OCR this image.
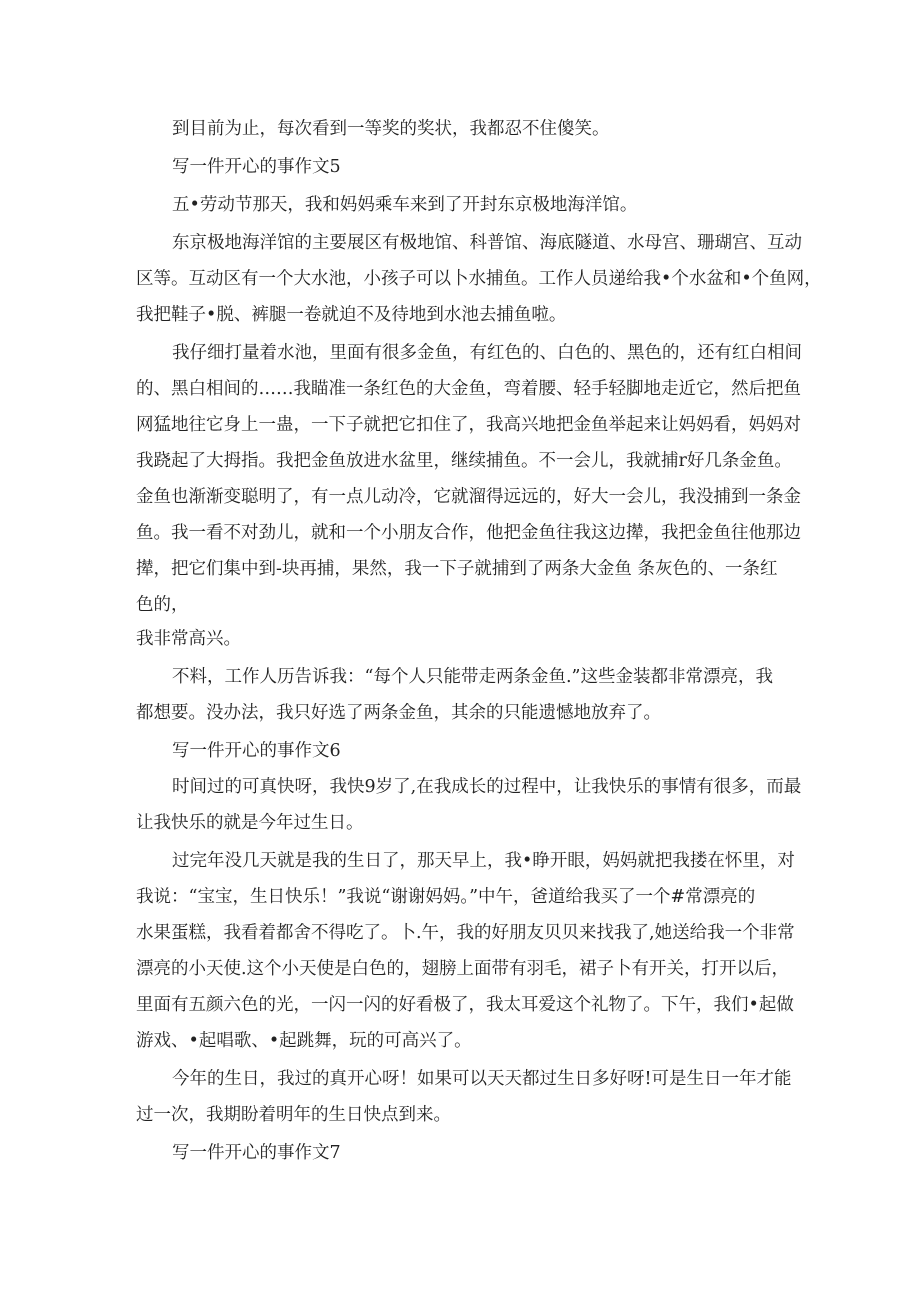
到目前为止，每次看到一等奖的奖状，我都忍不住傻笑。
写一件开心的事作文5
五•劳动节那天，我和妈妈乘车来到了开封东京极地海洋馆。
东京极地海洋馆的主要展区有极地馆、科普馆、海底隧道、水母宫、珊瑚宫、互动
区等。互动区有一个大水池，小孩子可以卜水捕鱼。工作人员递给我•个水盆和•个鱼网，
我把鞋子•脱、裤腿一卷就迫不及待地到水池去捕鱼啦。
我仔细打量着水池，里面有很多金鱼，有红色的、白色的、黑色的，还有红白相间
的、黑白相间的……我瞄准一条红色的大金鱼，弯着腰、轻手轻脚地走近它，然后把鱼
网猛地往它身上一蛊，一下子就把它扣住了，我高兴地把金鱼举起来让妈妈看，妈妈对
我跷起了大拇指。我把金鱼放进水盆里，继续捕鱼。不一会儿，我就捕r好几条金鱼。
金鱼也渐渐变聪明了，有一点儿动冷，它就溜得远远的，好大一会儿，我没捕到一条金
鱼。我一看不对劲儿，就和一个小朋友合作，他把金鱼往我这边撵，我把金鱼往他那边
撵，把它们集中到-块再捕，果然，我一下子就捕到了两条大金鱼 条灰色的、一条红
色的，
我非常高兴。
不料，工作人历告诉我：“每个人只能带走两条金鱼.”这些金装都非常漂亮，我
都想要。没办法，我只好选了两条金鱼，其余的只能遗憾地放弃了。
写一件开心的事作文6
时间过的可真快呀，我快9岁了,在我成长的过程中，让我快乐的事情有很多，而最
让我快乐的就是今年过生日。
过完年没几天就是我的生日了，那天早上，我•睁开眼，妈妈就把我搂在怀里，对
我说：“宝宝，生日快乐！”我说“谢谢妈妈。”中午，爸道给我买了一个#常漂亮的
水果蛋糕，我看着都舍不得吃了。卜.午，我的好朋友贝贝来找我了,她送给我一个非常
漂亮的小天使.这个小天使是白色的，翅膀上面带有羽毛，裙子卜有开关，打开以后，
里面有五颜六色的光，一闪一闪的好看极了，我太耳爱这个礼物了。下午，我们•起做
游戏、•起唱歌、•起跳舞，玩的可高兴了。
今年的生日，我过的真开心呀！如果可以天天都过生日多好呀!可是生日一年才能
过一次，我期盼着明年的生日快点到来。
写一件开心的事作文7
